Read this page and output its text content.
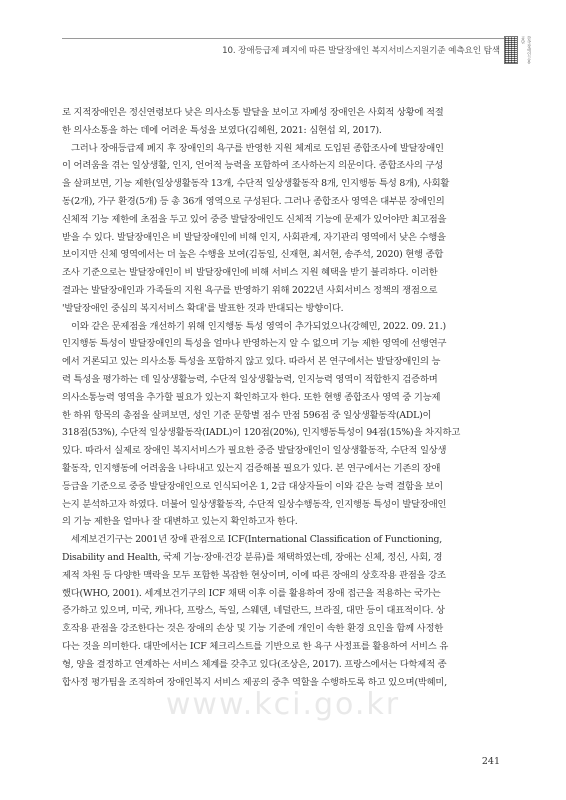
10. 장애등급제 폐지에 따른 발달장애인 복지서비스지원기준 예측요인 탐색	한국장애인고용공단
로 지적장애인은 정신연령보다 낮은 의사소통 발달을 보이고 자폐성 장애인은 사회적 상황에 적절
한 의사소통을 하는 데에 어려운 특성을 보였다(김혜원, 2021: 심현섭 외, 2017).
그러나 장애등급제 폐지 후 장애인의 욕구를 반영한 지원 체계로 도입된 종합조사에 발달장애인
이 어려움을 겪는 일상생활, 인지, 언어적 능력을 포함하여 조사하는지 의문이다. 종합조사의 구성
을 살펴보면, 기능 제한(일상생활동작 13개, 수단적 일상생활동작 8개, 인지행동 특성 8개), 사회활
동(2개), 가구 환경(5개) 등 총 36개 영역으로 구성된다. 그러나 종합조사 영역은 대부분 장애인의
신체적 기능 제한에 초점을 두고 있어 중증 발달장애인도 신체적 기능에 문제가 있어야만 최고점을
받을 수 있다. 발달장애인은 비 발달장애인에 비해 인지, 사회관계, 자기관리 영역에서 낮은 수행을
보이지만 신체 영역에서는 더 높은 수행을 보여(김동일, 신재현, 최서현, 송주석, 2020) 현행 종합
조사 기준으로는 발달장애인이 비 발달장애인에 비해 서비스 지원 혜택을 받기 불리하다. 이러한
결과는 발달장애인과 가족들의 지원 욕구를 반영하기 위해 2022년 사회서비스 정책의 쟁점으로
'발달장애인 중심의 복지서비스 확대'를 발표한 것과 반대되는 방향이다.
이와 같은 문제점을 개선하기 위해 인지행동 특성 영역이 추가되었으나(강혜민, 2022. 09. 21.)
인지행동 특성이 발달장애인의 특성을 얼마나 반영하는지 알 수 없으며 기능 제한 영역에 선행연구
에서 거론되고 있는 의사소통 특성을 포함하지 않고 있다. 따라서 본 연구에서는 발달장애인의 능
력 특성을 평가하는 데 일상생활능력, 수단적 일상생활능력, 인지능력 영역이 적합한지 검증하며
의사소통능력 영역을 추가할 필요가 있는지 확인하고자 한다. 또한 현행 종합조사 영역 중 기능제
한 하위 항목의 총점을 살펴보면, 성인 기준 문항별 점수 만점 596점 중 일상생활동작(ADL)이
318점(53%), 수단적 일상생활동작(IADL)이 120점(20%), 인지행동특성이 94점(15%)을 차지하고
있다. 따라서 실제로 장애인 복지서비스가 필요한 중증 발달장애인이 일상생활동작, 수단적 일상생
활동작, 인지행동에 어려움을 나타내고 있는지 검증해볼 필요가 있다. 본 연구에서는 기존의 장애
등급을 기준으로 중증 발달장애인으로 인식되어온 1, 2급 대상자들이 이와 같은 능력 결함을 보이
는지 분석하고자 하였다. 더불어 일상생활동작, 수단적 일상수행동작, 인지행동 특성이 발달장애인
의 기능 제한을 얼마나 잘 대변하고 있는지 확인하고자 한다.
세계보건기구는 2001년 장애 관점으로 ICF(International Classification of Functioning,
Disability and Health, 국제 기능·장애·건강 분류)를 채택하였는데, 장애는 신체, 정신, 사회, 경
제적 차원 등 다양한 맥락을 모두 포함한 복잡한 현상이며, 이에 따른 장애의 상호작용 관점을 강조
했다(WHO, 2001). 세계보건기구의 ICF 채택 이후 이를 활용하여 장애 접근을 적용하는 국가는
증가하고 있으며, 미국, 캐나다, 프랑스, 독일, 스웨덴, 네덜란드, 브라질, 대만 등이 대표적이다. 상
호작용 관점을 강조한다는 것은 장애의 손상 및 기능 기준에 개인이 속한 환경 요인을 함께 사정한
다는 것을 의미한다. 대만에서는 ICF 체크리스트를 기반으로 한 욕구 사정표를 활용하여 서비스 유
형, 양을 결정하고 연계하는 서비스 체계를 갖추고 있다(조상은, 2017). 프랑스에서는 다학제적 종
합사정 평가팀을 조직하여 장애인복지 서비스 제공의 중추 역할을 수행하도록 하고 있으며(박혜미,
www.kci.go.kr
241
